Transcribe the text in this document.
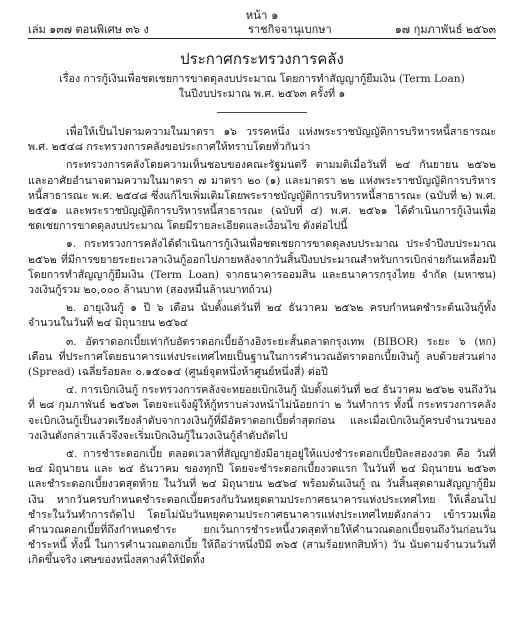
หน้า ๑
เล่ม ๑๓๗ ตอนพิเศษ ๓๖ ง	ราชกิจจานุเบกษา	๑๗ กุมภาพันธ์ ๒๕๖๓
ประกาศกระทรวงการคลัง
เรื่อง การกู้เงินเพื่อชดเชยการขาดดุลงบประมาณ โดยการทำสัญญากู้ยืมเงิน (Term Loan)
ในปีงบประมาณ พ.ศ. ๒๕๖๓ ครั้งที่ ๑

เพื่อให้เป็นไปตามความในมาตรา ๑๖ วรรคหนึ่ง แห่งพระราชบัญญัติการบริหารหนี้สาธารณะ พ.ศ. ๒๕๔๘ กระทรวงการคลังขอประกาศให้ทราบโดยทั่วกันว่า

กระทรวงการคลังโดยความเห็นชอบของคณะรัฐมนตรี ตามมติเมื่อวันที่ ๒๔ กันยายน ๒๕๖๒ และอาศัยอำนาจตามความในมาตรา ๗ มาตรา ๒๐ (๑) และมาตรา ๒๒ แห่งพระราชบัญญัติการบริหารหนี้สาธารณะ พ.ศ. ๒๕๔๘ ซึ่งแก้ไขเพิ่มเติมโดยพระราชบัญญัติการบริหารหนี้สาธารณะ (ฉบับที่ ๒) พ.ศ. ๒๕๕๑ และพระราชบัญญัติการบริหารหนี้สาธารณะ (ฉบับที่ ๔) พ.ศ. ๒๕๖๑ ได้ดำเนินการกู้เงินเพื่อชดเชยการขาดดุลงบประมาณ โดยมีรายละเอียดและเงื่อนไข ดังต่อไปนี้

๑. กระทรวงการคลังได้ดำเนินการกู้เงินเพื่อชดเชยการขาดดุลงบประมาณ ประจำปีงบประมาณ ๒๕๖๒ ที่มีการขยายระยะเวลาเงินกู้ออกไปภายหลังจากวันสิ้นปีงบประมาณสำหรับการเบิกจ่ายกันเหลื่อมปี โดยการทำสัญญากู้ยืมเงิน (Term Loan) จากธนาคารออมสิน และธนาคารกรุงไทย จำกัด (มหาชน) วงเงินกู้รวม ๒๐,๐๐๐ ล้านบาท (สองหมื่นล้านบาทถ้วน)

๒. อายุเงินกู้ ๑ ปี ๖ เดือน นับตั้งแต่วันที่ ๒๔ ธันวาคม ๒๕๖๒ ครบกำหนดชำระต้นเงินกู้ทั้งจำนวนในวันที่ ๒๔ มิถุนายน ๒๕๖๔

๓. อัตราดอกเบี้ยเท่ากับอัตราดอกเบี้ยอ้างอิงระยะสั้นตลาดกรุงเทพ (BIBOR) ระยะ ๖ (หก) เดือน ที่ประกาศโดยธนาคารแห่งประเทศไทยเป็นฐานในการคำนวณอัตราดอกเบี้ยเงินกู้ ลบด้วยส่วนต่าง (Spread) เฉลี่ยร้อยละ ๐.๑๕๐๑๔ (ศูนย์จุดหนึ่งห้าศูนย์หนึ่งสี่) ต่อปี

๔. การเบิกเงินกู้ กระทรวงการคลังจะทยอยเบิกเงินกู้ นับตั้งแต่วันที่ ๒๔ ธันวาคม ๒๕๖๒ จนถึงวันที่ ๒๘ กุมภาพันธ์ ๒๕๖๓ โดยจะแจ้งผู้ให้กู้ทราบล่วงหน้าไม่น้อยกว่า ๒ วันทำการ ทั้งนี้ กระทรวงการคลังจะเบิกเงินกู้เป็นงวดเรียงลำดับจากวงเงินกู้ที่มีอัตราดอกเบี้ยต่ำสุดก่อน และเมื่อเบิกเงินกู้ครบจำนวนของวงเงินดังกล่าวแล้วจึงจะเริ่มเบิกเงินกู้ในวงเงินกู้ลำดับถัดไป

๕. การชำระดอกเบี้ย ตลอดเวลาที่สัญญายังมีอายุอยู่ให้แบ่งชำระดอกเบี้ยปีละสองงวด คือ วันที่ ๒๔ มิถุนายน และ ๒๔ ธันวาคม ของทุกปี โดยจะชำระดอกเบี้ยงวดแรก ในวันที่ ๒๔ มิถุนายน ๒๕๖๓ และชำระดอกเบี้ยงวดสุดท้าย ในวันที่ ๒๔ มิถุนายน ๒๕๖๔ พร้อมต้นเงินกู้ ณ วันสิ้นสุดตามสัญญากู้ยืมเงิน หากวันครบกำหนดชำระดอกเบี้ยตรงกับวันหยุดตามประกาศธนาคารแห่งประเทศไทย ให้เลื่อนไปชำระในวันทำการถัดไป โดยไม่นับวันหยุดตามประกาศธนาคารแห่งประเทศไทยดังกล่าว เข้ารวมเพื่อคำนวณดอกเบี้ยที่ถึงกำหนดชำระ ยกเว้นการชำระหนี้งวดสุดท้ายให้คำนวณดอกเบี้ยจนถึงวันก่อนวันชำระหนี้ ทั้งนี้ ในการคำนวณดอกเบี้ย ให้ถือว่าหนึ่งปีมี ๓๖๕ (สามร้อยหกสิบห้า) วัน นับตามจำนวนวันที่เกิดขึ้นจริง เศษของหนึ่งสตางค์ให้ปัดทิ้ง
